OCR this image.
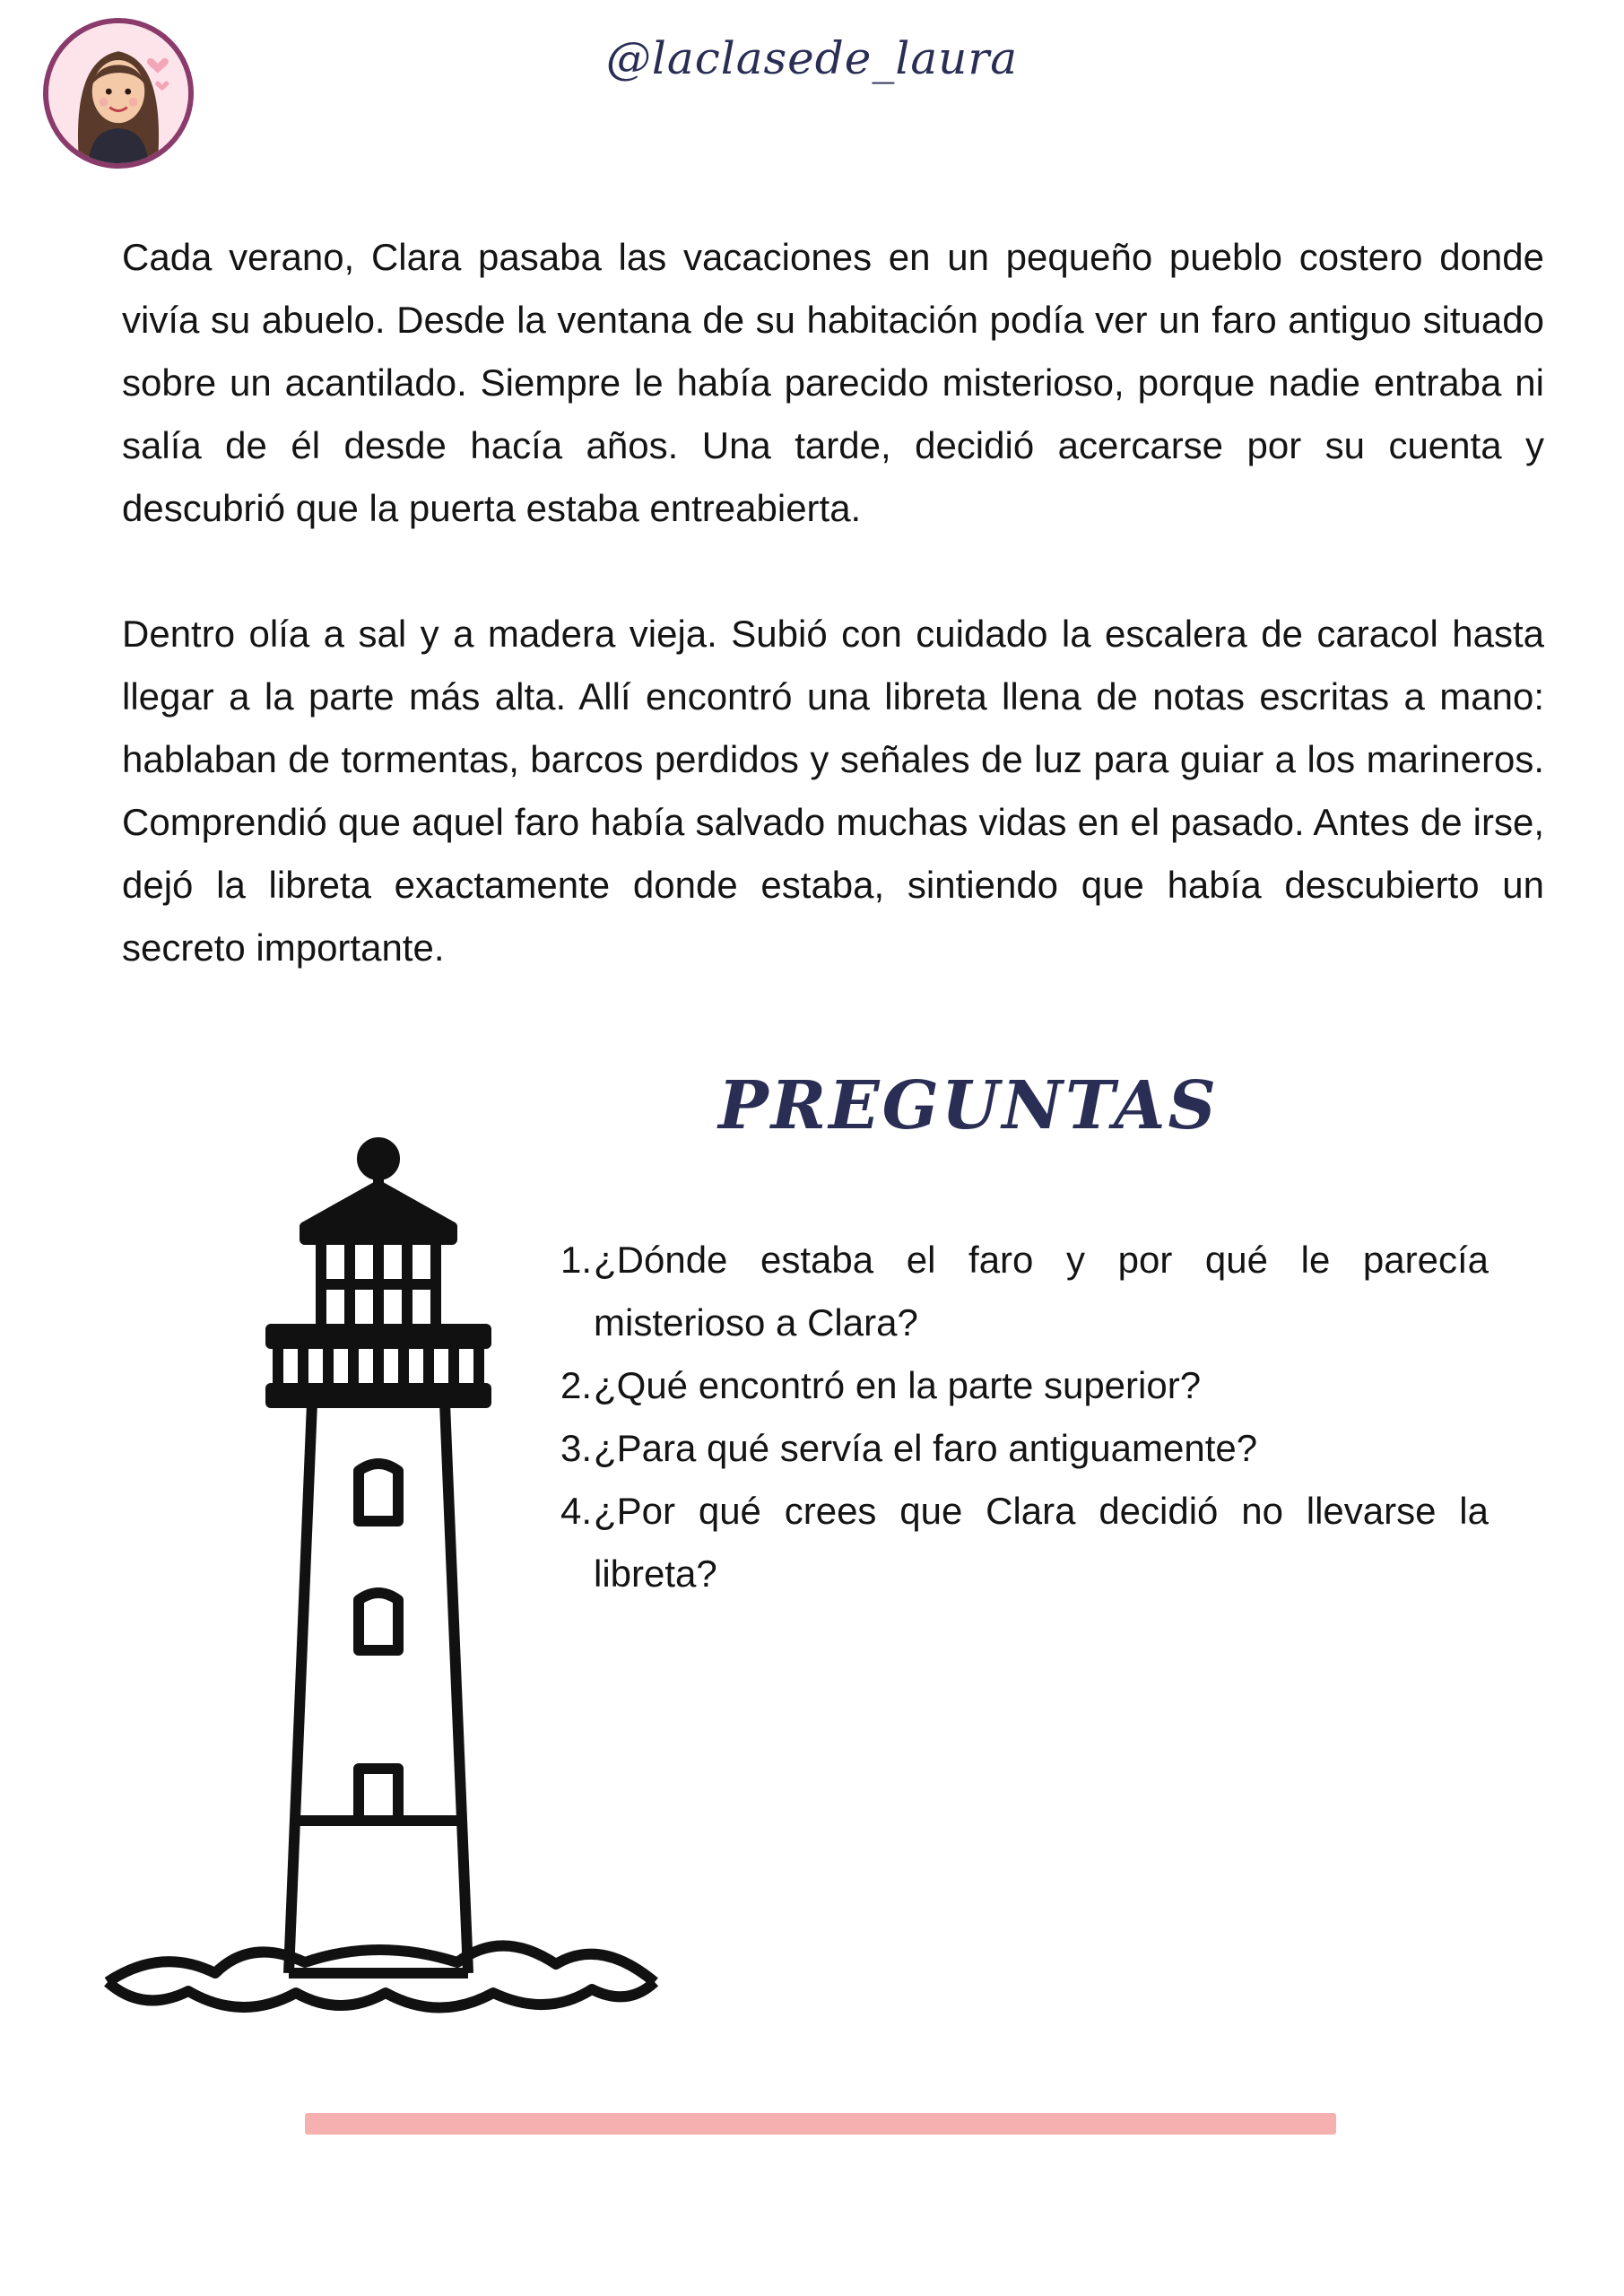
@laclasede_laura

Cada verano, Clara pasaba las vacaciones en un pequeño pueblo costero donde vivía su abuelo. Desde la ventana de su habitación podía ver un faro antiguo situado sobre un acantilado. Siempre le había parecido misterioso, porque nadie entraba ni salía de él desde hacía años. Una tarde, decidió acercarse por su cuenta y descubrió que la puerta estaba entreabierta.

Dentro olía a sal y a madera vieja. Subió con cuidado la escalera de caracol hasta llegar a la parte más alta. Allí encontró una libreta llena de notas escritas a mano: hablaban de tormentas, barcos perdidos y señales de luz para guiar a los marineros. Comprendió que aquel faro había salvado muchas vidas en el pasado. Antes de irse, dejó la libreta exactamente donde estaba, sintiendo que había descubierto un secreto importante.

PREGUNTAS
1. ¿Dónde estaba el faro y por qué le parecía misterioso a Clara?
2. ¿Qué encontró en la parte superior?
3. ¿Para qué servía el faro antiguamente?
4. ¿Por qué crees que Clara decidió no llevarse la libreta?
